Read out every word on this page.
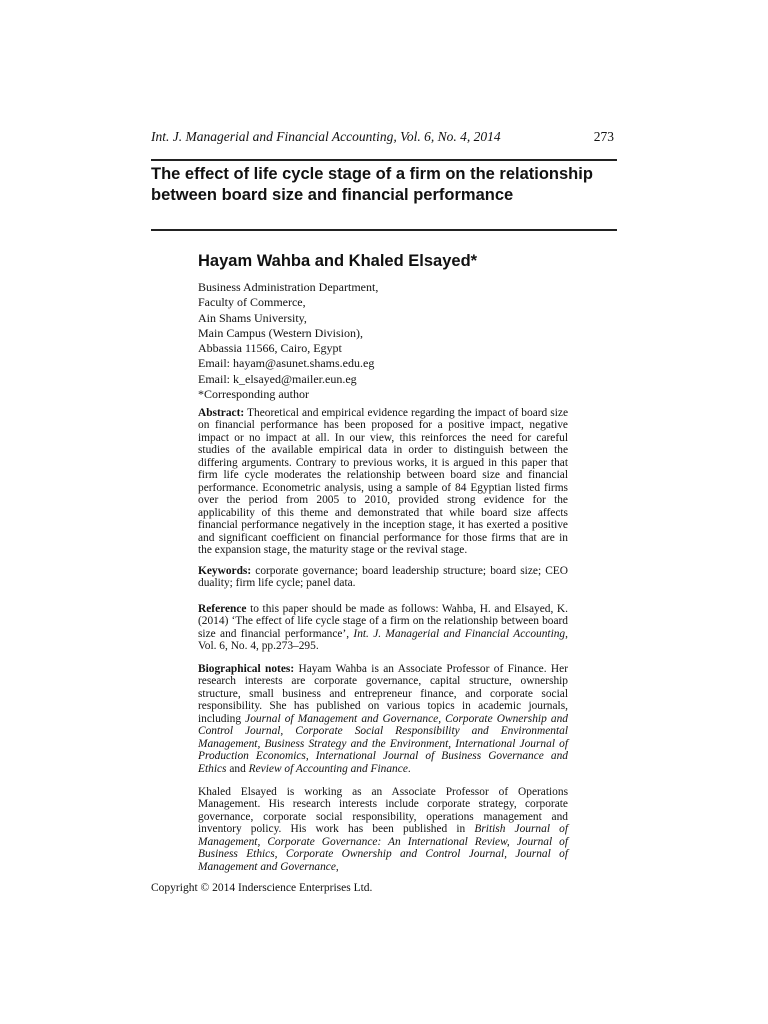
Int. J. Managerial and Financial Accounting, Vol. 6, No. 4, 2014	273
The effect of life cycle stage of a firm on the relationship between board size and financial performance
Hayam Wahba and Khaled Elsayed*
Business Administration Department,
Faculty of Commerce,
Ain Shams University,
Main Campus (Western Division),
Abbassia 11566, Cairo, Egypt
Email: hayam@asunet.shams.edu.eg
Email: k_elsayed@mailer.eun.eg
*Corresponding author

Abstract: Theoretical and empirical evidence regarding the impact of board size on financial performance has been proposed for a positive impact, negative impact or no impact at all. In our view, this reinforces the need for careful studies of the available empirical data in order to distinguish between the differing arguments. Contrary to previous works, it is argued in this paper that firm life cycle moderates the relationship between board size and financial performance. Econometric analysis, using a sample of 84 Egyptian listed firms over the period from 2005 to 2010, provided strong evidence for the applicability of this theme and demonstrated that while board size affects financial performance negatively in the inception stage, it has exerted a positive and significant coefficient on financial performance for those firms that are in the expansion stage, the maturity stage or the revival stage.

Keywords: corporate governance; board leadership structure; board size; CEO duality; firm life cycle; panel data.

Reference to this paper should be made as follows: Wahba, H. and Elsayed, K. (2014) ‘The effect of life cycle stage of a firm on the relationship between board size and financial performance’, Int. J. Managerial and Financial Accounting, Vol. 6, No. 4, pp.273–295.

Biographical notes: Hayam Wahba is an Associate Professor of Finance. Her research interests are corporate governance, capital structure, ownership structure, small business and entrepreneur finance, and corporate social responsibility. She has published on various topics in academic journals, including Journal of Management and Governance, Corporate Ownership and Control Journal, Corporate Social Responsibility and Environmental Management, Business Strategy and the Environment, International Journal of Production Economics, International Journal of Business Governance and Ethics and Review of Accounting and Finance.

Khaled Elsayed is working as an Associate Professor of Operations Management. His research interests include corporate strategy, corporate governance, corporate social responsibility, operations management and inventory policy. His work has been published in British Journal of Management, Corporate Governance: An International Review, Journal of Business Ethics, Corporate Ownership and Control Journal, Journal of Management and Governance,

Copyright © 2014 Inderscience Enterprises Ltd.
